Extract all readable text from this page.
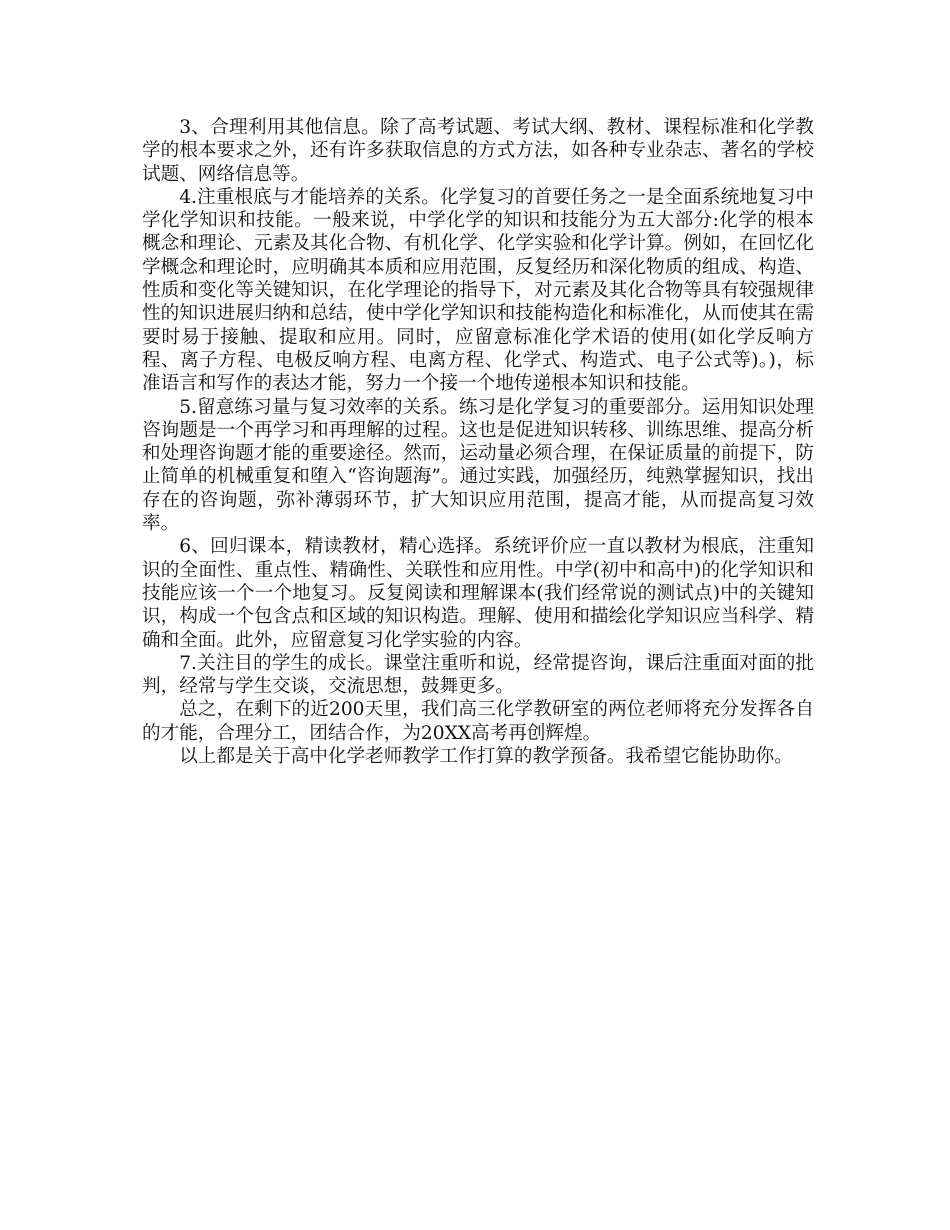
3、合理利用其他信息。除了高考试题、考试大纲、教材、课程标准和化学教学的根本要求之外，还有许多获取信息的方式方法，如各种专业杂志、著名的学校试题、网络信息等。

4.注重根底与才能培养的关系。化学复习的首要任务之一是全面系统地复习中学化学知识和技能。一般来说，中学化学的知识和技能分为五大部分:化学的根本概念和理论、元素及其化合物、有机化学、化学实验和化学计算。例如，在回忆化学概念和理论时，应明确其本质和应用范围，反复经历和深化物质的组成、构造、性质和变化等关键知识，在化学理论的指导下，对元素及其化合物等具有较强规律性的知识进展归纳和总结，使中学化学知识和技能构造化和标准化，从而使其在需要时易于接触、提取和应用。同时，应留意标准化学术语的使用(如化学反响方程、离子方程、电极反响方程、电离方程、化学式、构造式、电子公式等)。)，标准语言和写作的表达才能，努力一个接一个地传递根本知识和技能。

5.留意练习量与复习效率的关系。练习是化学复习的重要部分。运用知识处理咨询题是一个再学习和再理解的过程。这也是促进知识转移、训练思维、提高分析和处理咨询题才能的重要途径。然而，运动量必须合理，在保证质量的前提下，防止简单的机械重复和堕入“咨询题海”。通过实践，加强经历，纯熟掌握知识，找出存在的咨询题，弥补薄弱环节，扩大知识应用范围，提高才能，从而提高复习效率。

6、回归课本，精读教材，精心选择。系统评价应一直以教材为根底，注重知识的全面性、重点性、精确性、关联性和应用性。中学(初中和高中)的化学知识和技能应该一个一个地复习。反复阅读和理解课本(我们经常说的测试点)中的关键知识，构成一个包含点和区域的知识构造。理解、使用和描绘化学知识应当科学、精确和全面。此外，应留意复习化学实验的内容。

7.关注目的学生的成长。课堂注重听和说，经常提咨询，课后注重面对面的批判，经常与学生交谈，交流思想，鼓舞更多。

总之，在剩下的近200天里，我们高三化学教研室的两位老师将充分发挥各自的才能，合理分工，团结合作，为20XX高考再创辉煌。

以上都是关于高中化学老师教学工作打算的教学预备。我希望它能协助你。
